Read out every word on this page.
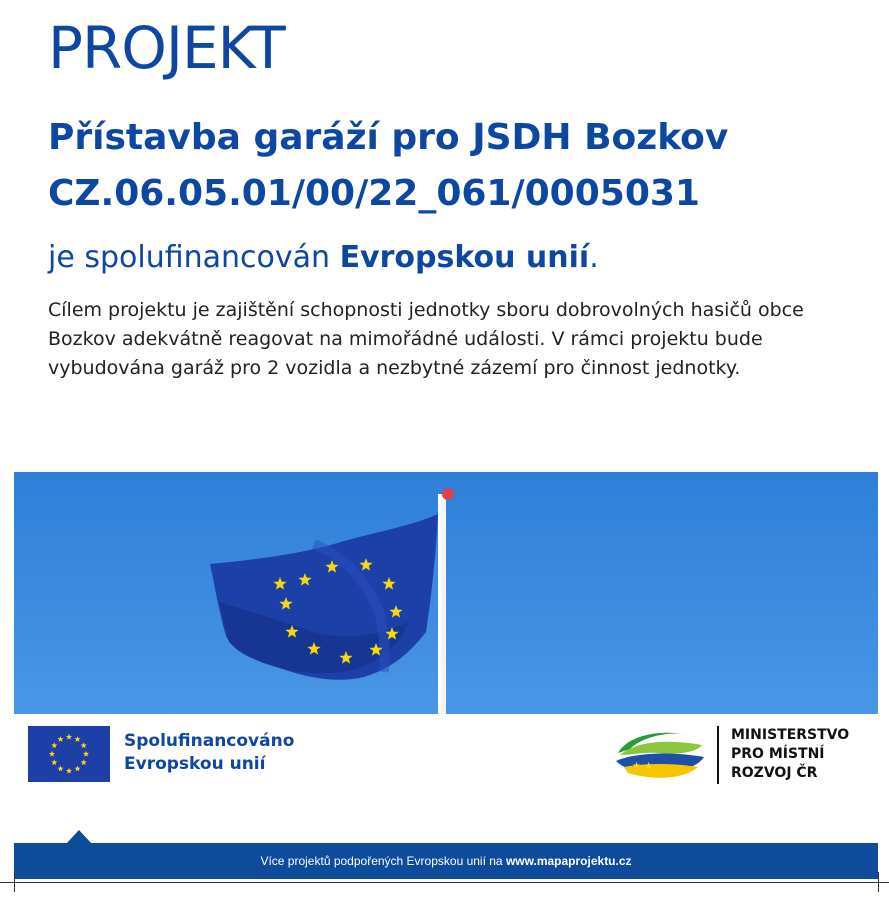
PROJEKT
Přístavba garáží pro JSDH Bozkov
CZ.06.05.01/00/22_061/0005031

je spolufinancován Evropskou unií.

Cílem projektu je zajištění schopnosti jednotky sboru dobrovolných hasičů obce Bozkov adekvátně reagovat na mimořádné události. V rámci projektu bude vybudována garáž pro 2 vozidla a nezbytné zázemí pro činnost jednotky.

Spolufinancováno
Evropskou unií	★ ★
MINISTERSTVO
PRO MÍSTNÍ
ROZVOJ ČR
Více projektů podpořených Evropskou unií na www.mapaprojektu.cz
